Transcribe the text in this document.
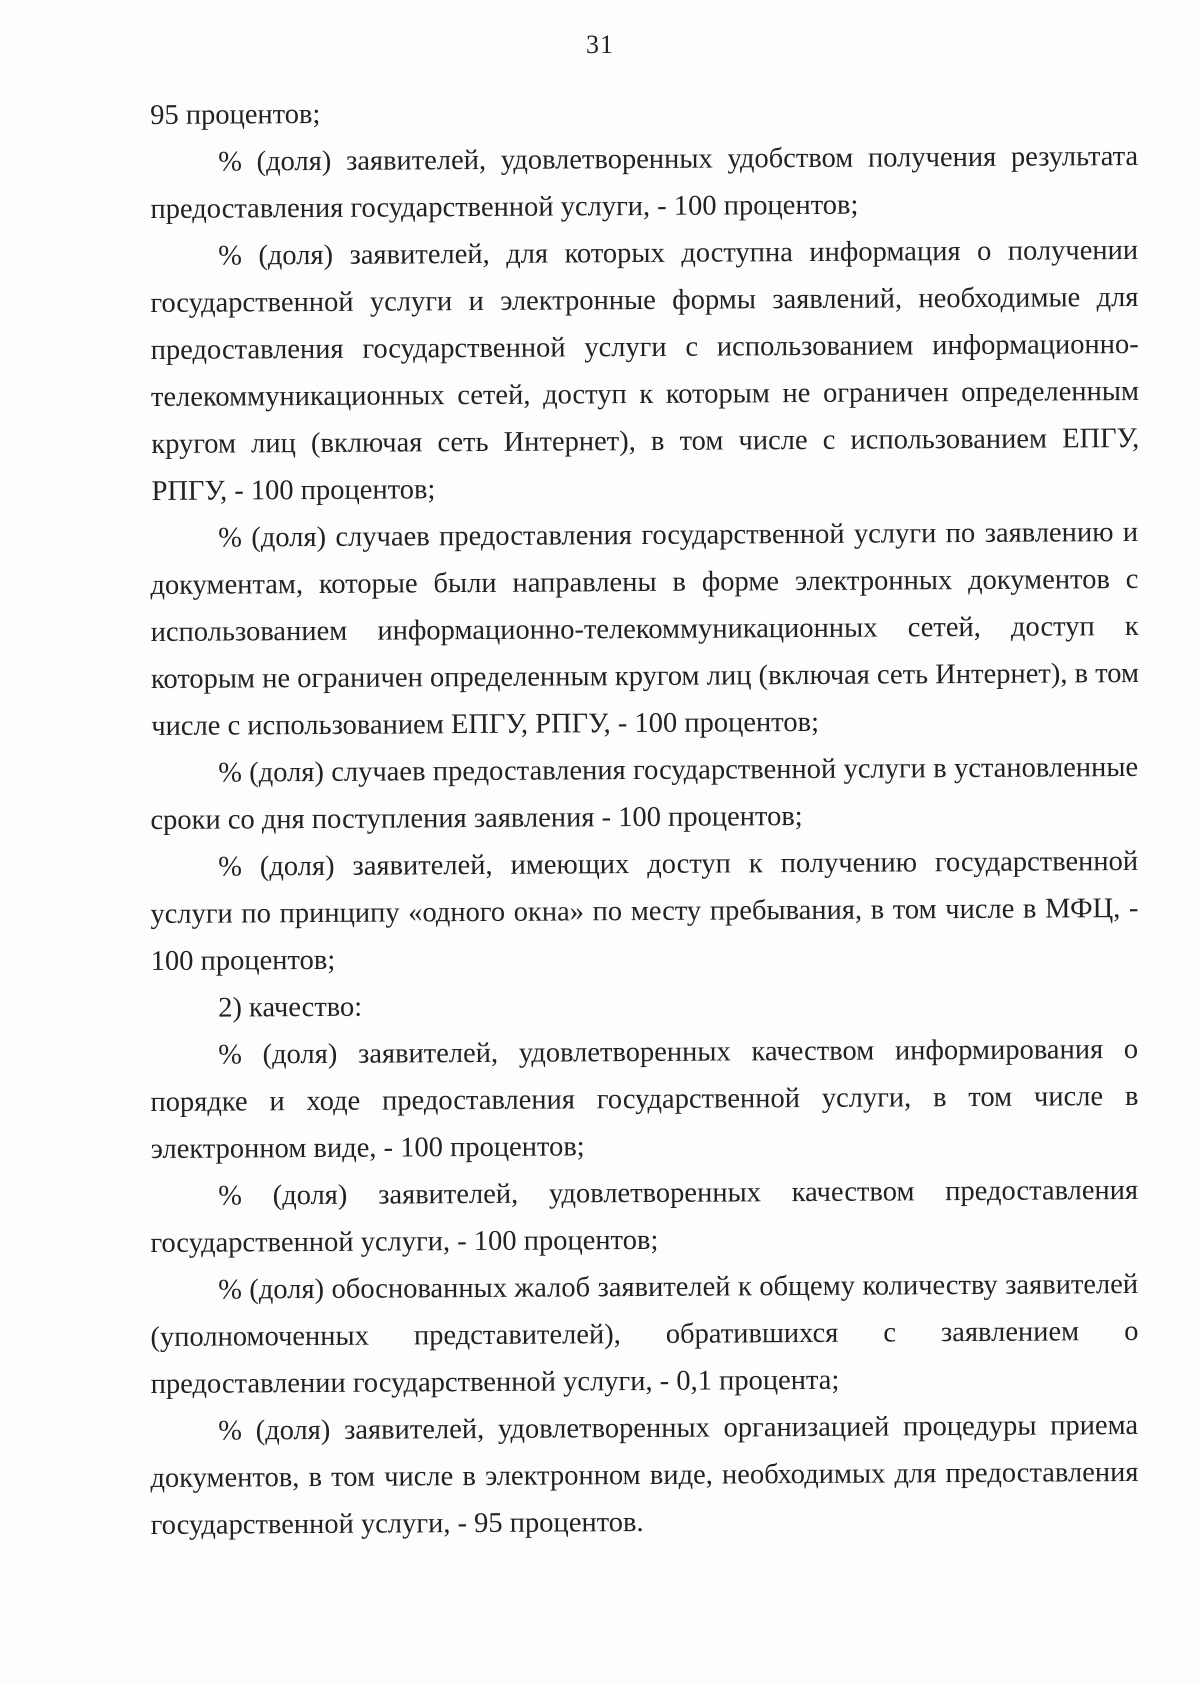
31

95 процентов;

% (доля) заявителей, удовлетворенных удобством получения результата предоставления государственной услуги, - 100 процентов;

% (доля) заявителей, для которых доступна информация о получении государственной услуги и электронные формы заявлений, необходимые для предоставления государственной услуги с использованием информационно-телекоммуникационных сетей, доступ к которым не ограничен определенным кругом лиц (включая сеть Интернет), в том числе с использованием ЕПГУ, РПГУ, - 100 процентов;

% (доля) случаев предоставления государственной услуги по заявлению и документам, которые были направлены в форме электронных документов с использованием информационно-телекоммуникационных сетей, доступ к которым не ограничен определенным кругом лиц (включая сеть Интернет), в том числе с использованием ЕПГУ, РПГУ, - 100 процентов;

% (доля) случаев предоставления государственной услуги в установленные сроки со дня поступления заявления - 100 процентов;

% (доля) заявителей, имеющих доступ к получению государственной услуги по принципу «одного окна» по месту пребывания, в том числе в МФЦ, - 100 процентов;

2) качество:

% (доля) заявителей, удовлетворенных качеством информирования о порядке и ходе предоставления государственной услуги, в том числе в электронном виде, - 100 процентов;

% (доля) заявителей, удовлетворенных качеством предоставления государственной услуги, - 100 процентов;

% (доля) обоснованных жалоб заявителей к общему количеству заявителей (уполномоченных представителей), обратившихся с заявлением о предоставлении государственной услуги, - 0,1 процента;

% (доля) заявителей, удовлетворенных организацией процедуры приема документов, в том числе в электронном виде, необходимых для предоставления государственной услуги, - 95 процентов.
